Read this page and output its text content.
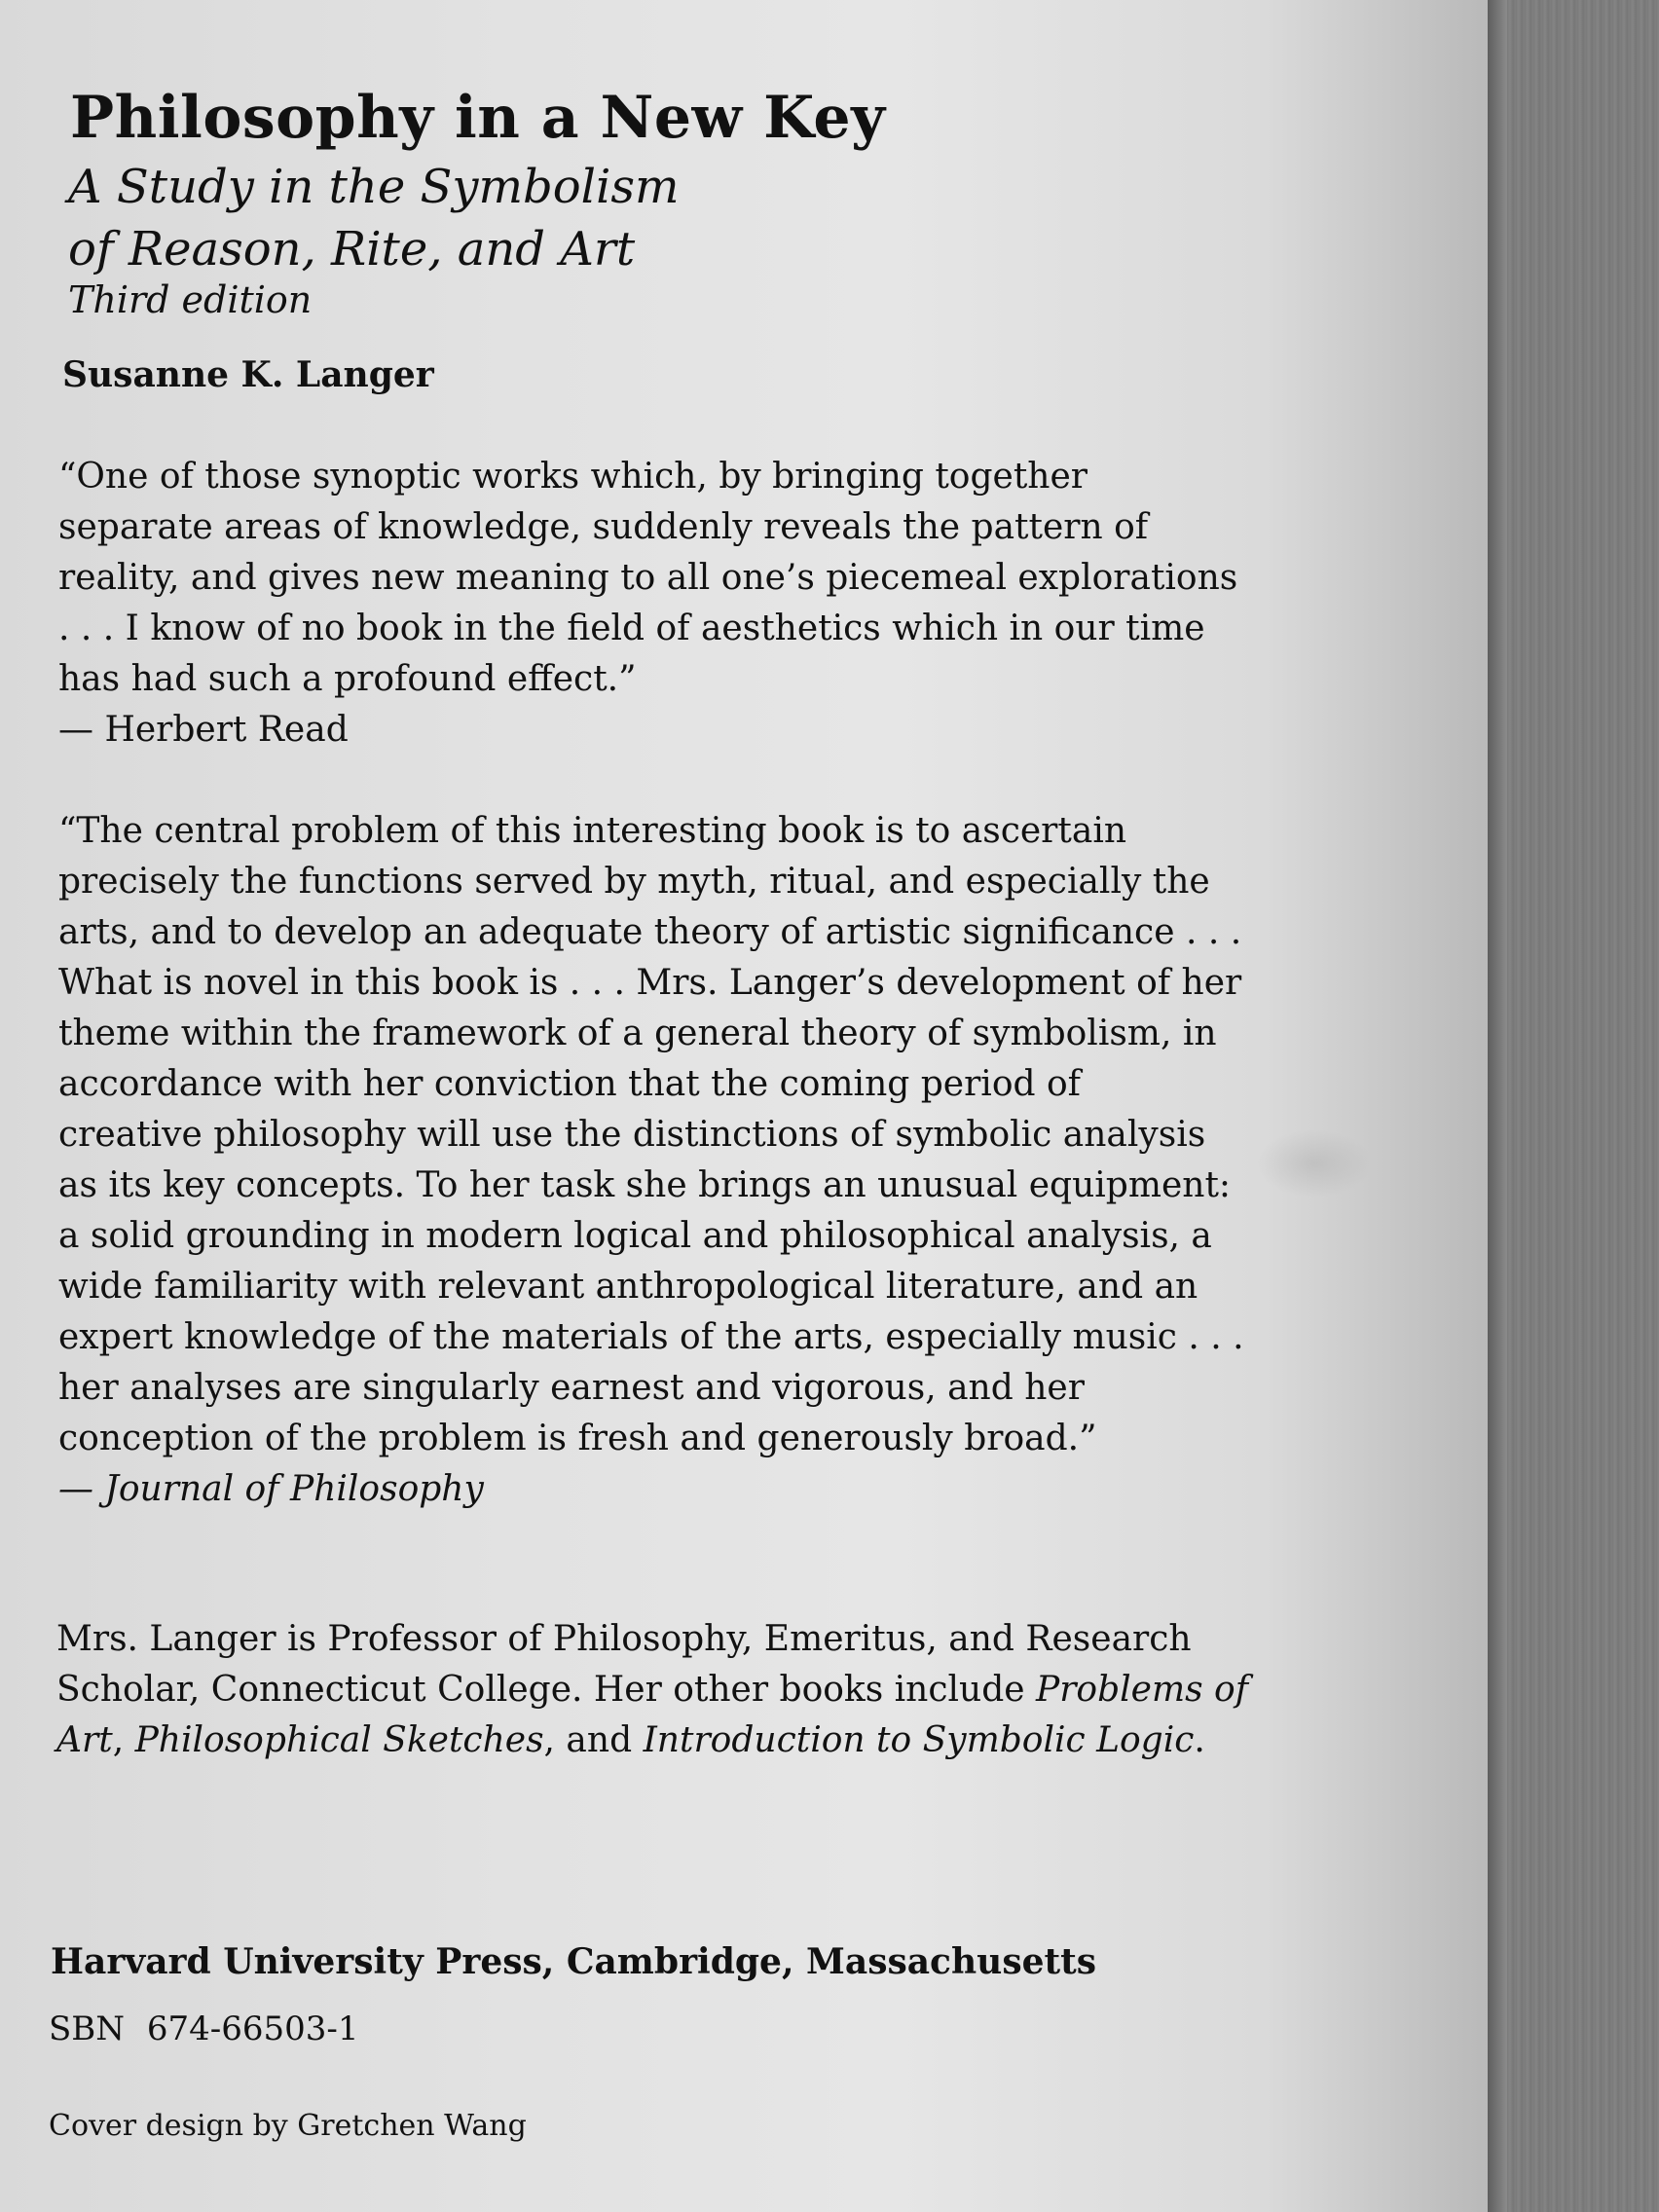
Philosophy in a New Key
A Study in the Symbolism
of Reason, Rite, and Art
Third edition
Susanne K. Langer
“One of those synoptic works which, by bringing together
separate areas of knowledge, suddenly reveals the pattern of
reality, and gives new meaning to all one’s piecemeal explorations
. . . I know of no book in the field of aesthetics which in our time
has had such a profound effect.”
— Herbert Read
“The central problem of this interesting book is to ascertain
precisely the functions served by myth, ritual, and especially the
arts, and to develop an adequate theory of artistic significance . . .
What is novel in this book is . . . Mrs. Langer’s development of her
theme within the framework of a general theory of symbolism, in
accordance with her conviction that the coming period of
creative philosophy will use the distinctions of symbolic analysis
as its key concepts. To her task she brings an unusual equipment:
a solid grounding in modern logical and philosophical analysis, a
wide familiarity with relevant anthropological literature, and an
expert knowledge of the materials of the arts, especially music . . .
her analyses are singularly earnest and vigorous, and her
conception of the problem is fresh and generously broad.”
— Journal of Philosophy
Mrs. Langer is Professor of Philosophy, Emeritus, and Research
Scholar, Connecticut College. Her other books include Problems of
Art, Philosophical Sketches, and Introduction to Symbolic Logic.
Harvard University Press, Cambridge, Massachusetts
SBN 674-66503-1
Cover design by Gretchen Wang
